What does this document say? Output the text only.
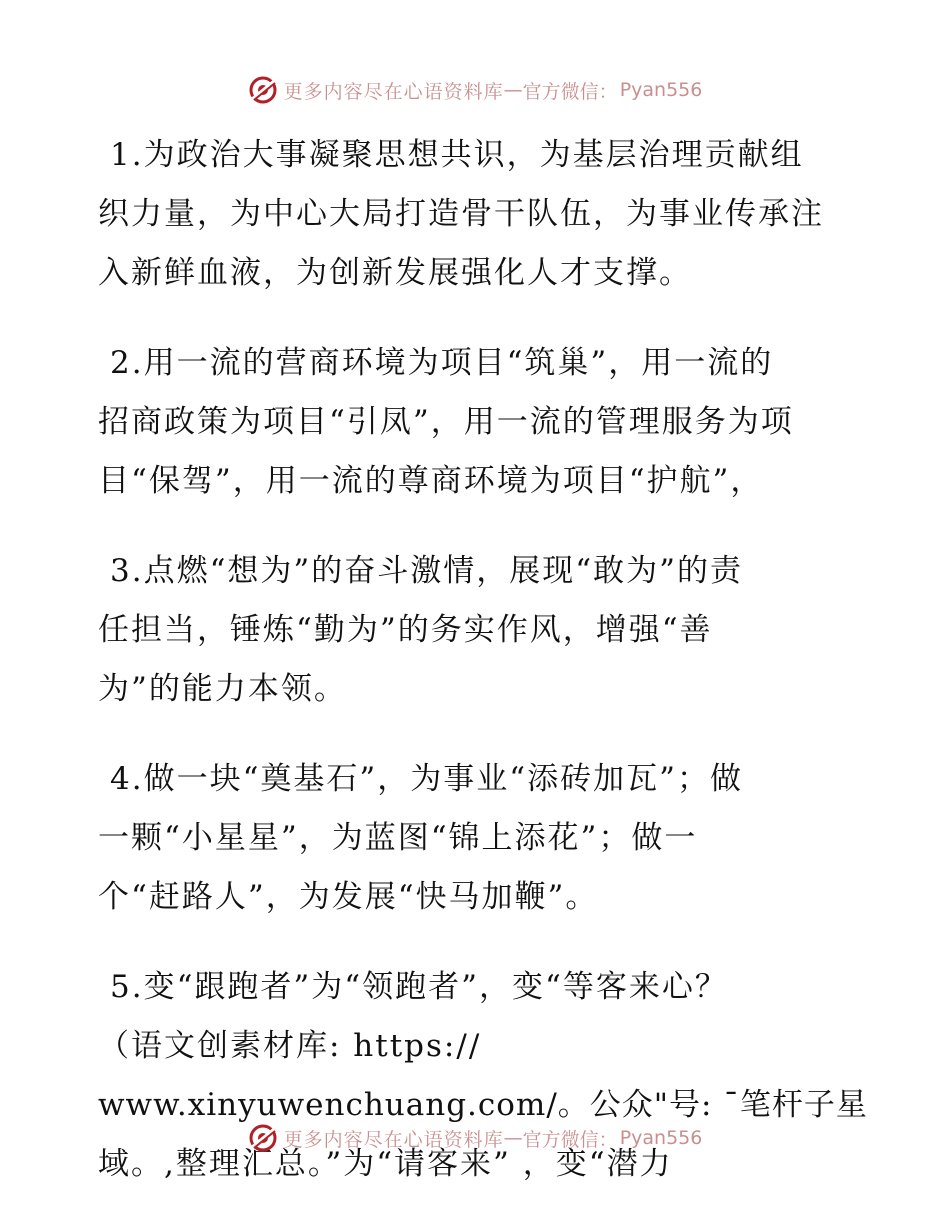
更多内容尽在心语资料库 — 官方微信： Pyan556
1.为政治大事凝聚思想共识，为基层治理贡献组
织力量，为中心大局打造骨干队伍，为事业传承注
入新鲜血液，为创新发展强化人才支撑。
2.用一流的营商环境为项目“筑巢”，用一流的
招商政策为项目“引凤”，用一流的管理服务为项
目“保驾”，用一流的尊商环境为项目“护航”，
3.点燃“想为”的奋斗激情，展现“敢为”的责
任担当，锤炼“勤为”的务实作风，增强“善
为”的能力本领。
4.做一块“奠基石”，为事业“添砖加瓦”；做
一颗“小星星”，为蓝图“锦上添花”；做一
个“赶路人”，为发展“快马加鞭”。
5.变“跟跑者”为“领跑者”，变“等客来心？
（语文创素材库: https://
www.xinyuwenchuang.com/。公众"号: ¯笔杆子星
域。,整理汇总。”为“请客来” ，变“潜力
更多内容尽在心语资料库 — 官方微信： Pyan556
